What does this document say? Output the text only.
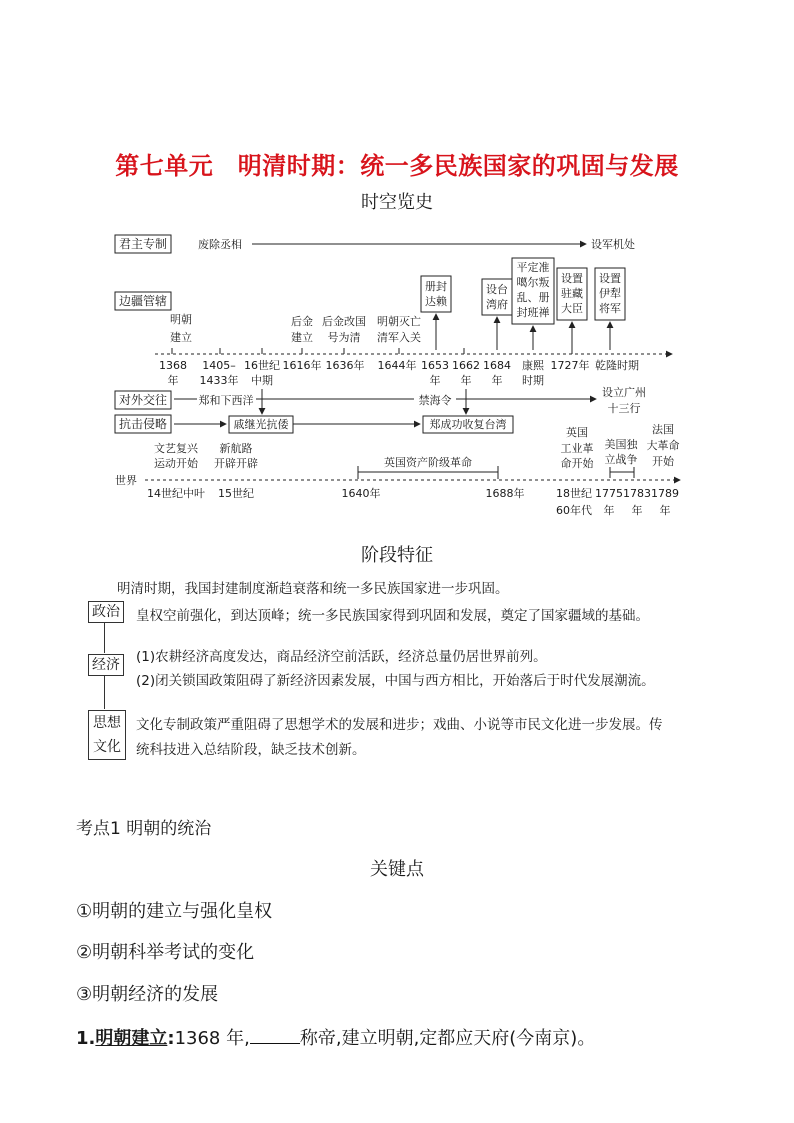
第七单元　明清时期：统一多民族国家的巩固与发展
时空览史
君主专制
边疆管辖
对外交往
抗击侵略
废除丞相	设军机处
册封
达赖
设台
湾府
平定准
噶尔叛
乱、册
封班禅
设置
驻藏
大臣
设置
伊犁
将军
明朝
建立
后金
建立
后金改国
号为清
明朝灭亡
清军入关
1368
年
1405–
1433年
16世纪
中期
1616年 1636年 1644年 1653
年
1662
年
1684
年
康熙
时期
1727年 乾隆时期
郑和下西洋	禁海令
设立广州
十三行
戚继光抗倭	郑成功收复台湾
文艺复兴
运动开始
新航路
开辟开辟	英国资产阶级革命
英国
工业革
命开始
美国独
立战争
法国
大革命
开始
世界
14世纪中叶 15世纪	1640年	1688年	18世纪
60年代
1775
年
1783
年
1789
年
阶段特征
明清时期，我国封建制度渐趋衰落和统一多民族国家进一步巩固。
政治 皇权空前强化，到达顶峰；统一多民族国家得到巩固和发展，奠定了国家疆域的基础。
经济 (1)农耕经济高度发达，商品经济空前活跃，经济总量仍居世界前列。
(2)闭关锁国政策阻碍了新经济因素发展，中国与西方相比，开始落后于时代发展潮流。
思想
文化
文化专制政策严重阻碍了思想学术的发展和进步；戏曲、小说等市民文化进一步发展。传
统科技进入总结阶段，缺乏技术创新。
考点1 明朝的统治
关键点
①明朝的建立与强化皇权
②明朝科举考试的变化
③明朝经济的发展
1.明朝建立:1368 年,	称帝,建立明朝,定都应天府(今南京)。
